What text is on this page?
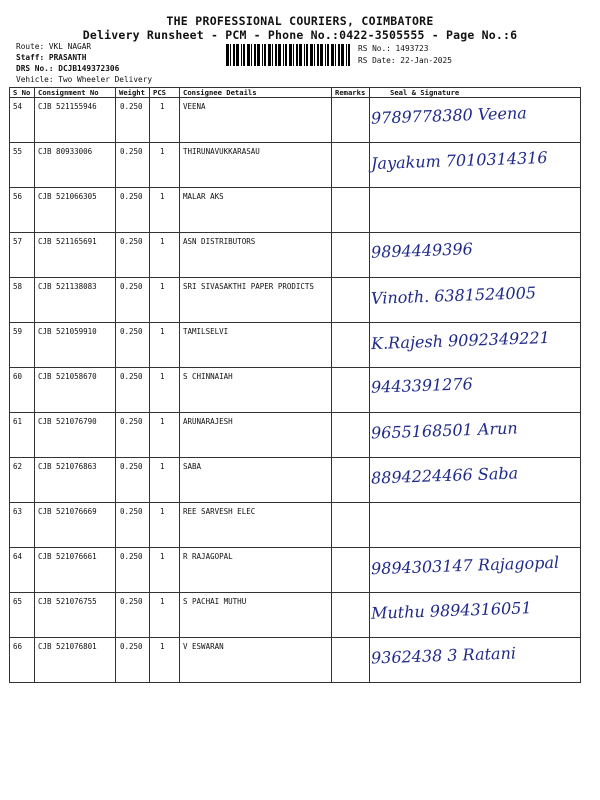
THE PROFESSIONAL COURIERS, COIMBATORE
Delivery Runsheet - PCM - Phone No.:0422-3505555 - Page No.:6
Route: VKL NAGAR
Staff: PRASANTH
DRS No.: DCJB149372306
Vehicle: Two Wheeler Delivery
RS No.: 1493723
RS Date: 22-Jan-2025
S No	Consignment No	Weight	PCS	Consignee Details	Remarks	Seal & Signature
54	CJB 521155946	0.250	1	VEENA		9789778380 Veena

55	CJB 80933006	0.250	1	THIRUNAVUKKARASAU		Jayakum 7010314316

56	CJB 521066305	0.250	1	MALAR AKS		

57	CJB 521165691	0.250	1	ASN DISTRIBUTORS		9894449396

58	CJB 521138083	0.250	1	SRI SIVASAKTHI PAPER PRODICTS		Vinoth. 6381524005

59	CJB 521059910	0.250	1	TAMILSELVI		K.Rajesh 9092349221

60	CJB 521058670	0.250	1	S CHINNAIAH		9443391276

61	CJB 521076790	0.250	1	ARUNARAJESH		9655168501 Arun

62	CJB 521076863	0.250	1	SABA		8894224466 Saba

63	CJB 521076669	0.250	1	REE SARVESH ELEC		

64	CJB 521076661	0.250	1	R RAJAGOPAL		9894303147 Rajagopal

65	CJB 521076755	0.250	1	S PACHAI MUTHU		Muthu 9894316051

66	CJB 521076801	0.250	1	V ESWARAN		9362438 3 Ratani
